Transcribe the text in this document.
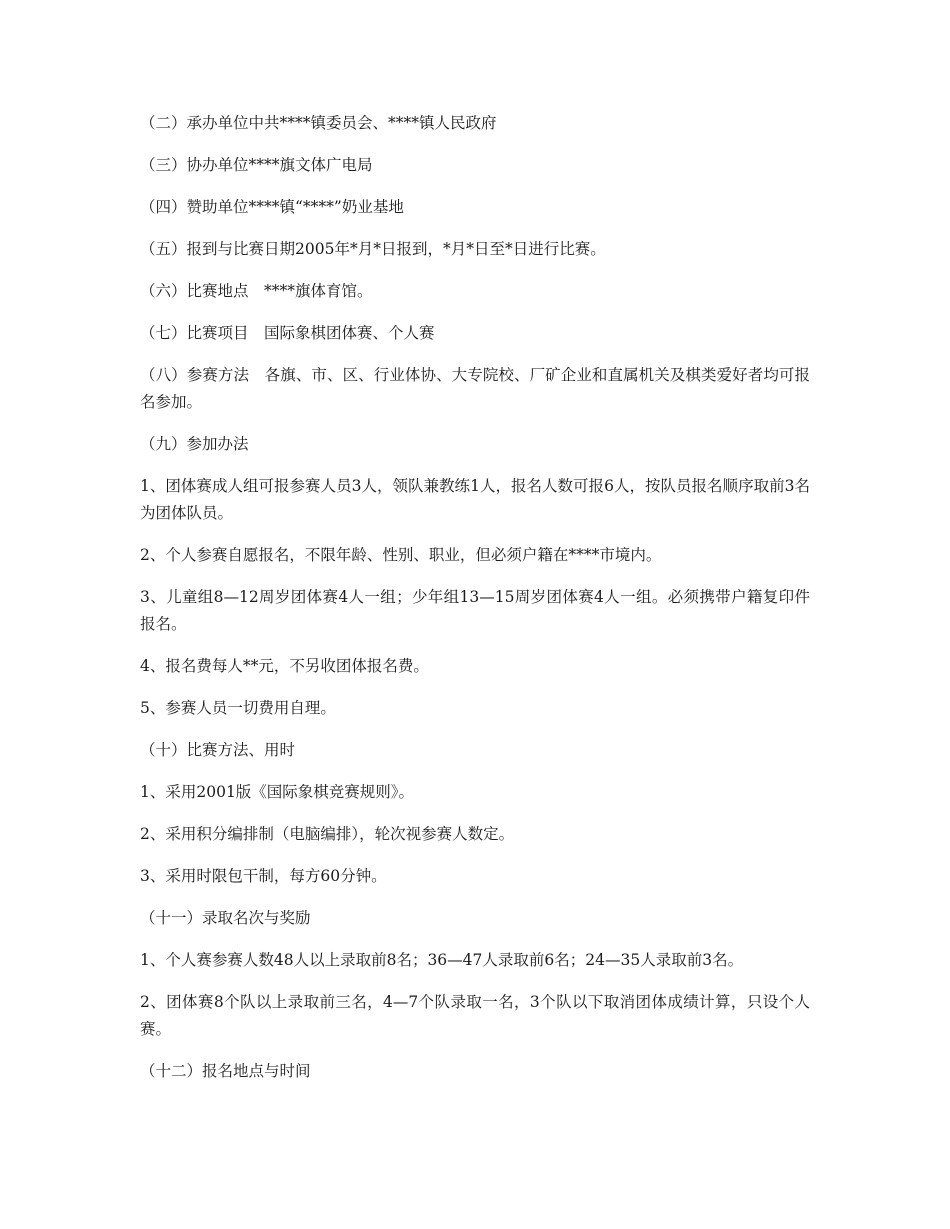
（二）承办单位中共****镇委员会、****镇人民政府

（三）协办单位****旗文体广电局

（四）赞助单位****镇“****”奶业基地

（五）报到与比赛日期2005年*月*日报到，*月*日至*日进行比赛。

（六）比赛地点　****旗体育馆。

（七）比赛项目　国际象棋团体赛、个人赛

（八）参赛方法　各旗、市、区、行业体协、大专院校、厂矿企业和直属机关及棋类爱好者均可报名参加。

（九）参加办法

1、团体赛成人组可报参赛人员3人，领队兼教练1人，报名人数可报6人，按队员报名顺序取前3名为团体队员。

2、个人参赛自愿报名，不限年龄、性别、职业，但必须户籍在****市境内。

3、儿童组8—12周岁团体赛4人一组；少年组13—15周岁团体赛4人一组。必须携带户籍复印件报名。

4、报名费每人**元，不另收团体报名费。

5、参赛人员一切费用自理。

（十）比赛方法、用时

1、采用2001版《国际象棋竞赛规则》。

2、采用积分编排制（电脑编排），轮次视参赛人数定。

3、采用时限包干制，每方60分钟。

（十一）录取名次与奖励

1、个人赛参赛人数48人以上录取前8名；36—47人录取前6名；24—35人录取前3名。

2、团体赛8个队以上录取前三名，4—7个队录取一名，3个队以下取消团体成绩计算，只设个人赛。

（十二）报名地点与时间
